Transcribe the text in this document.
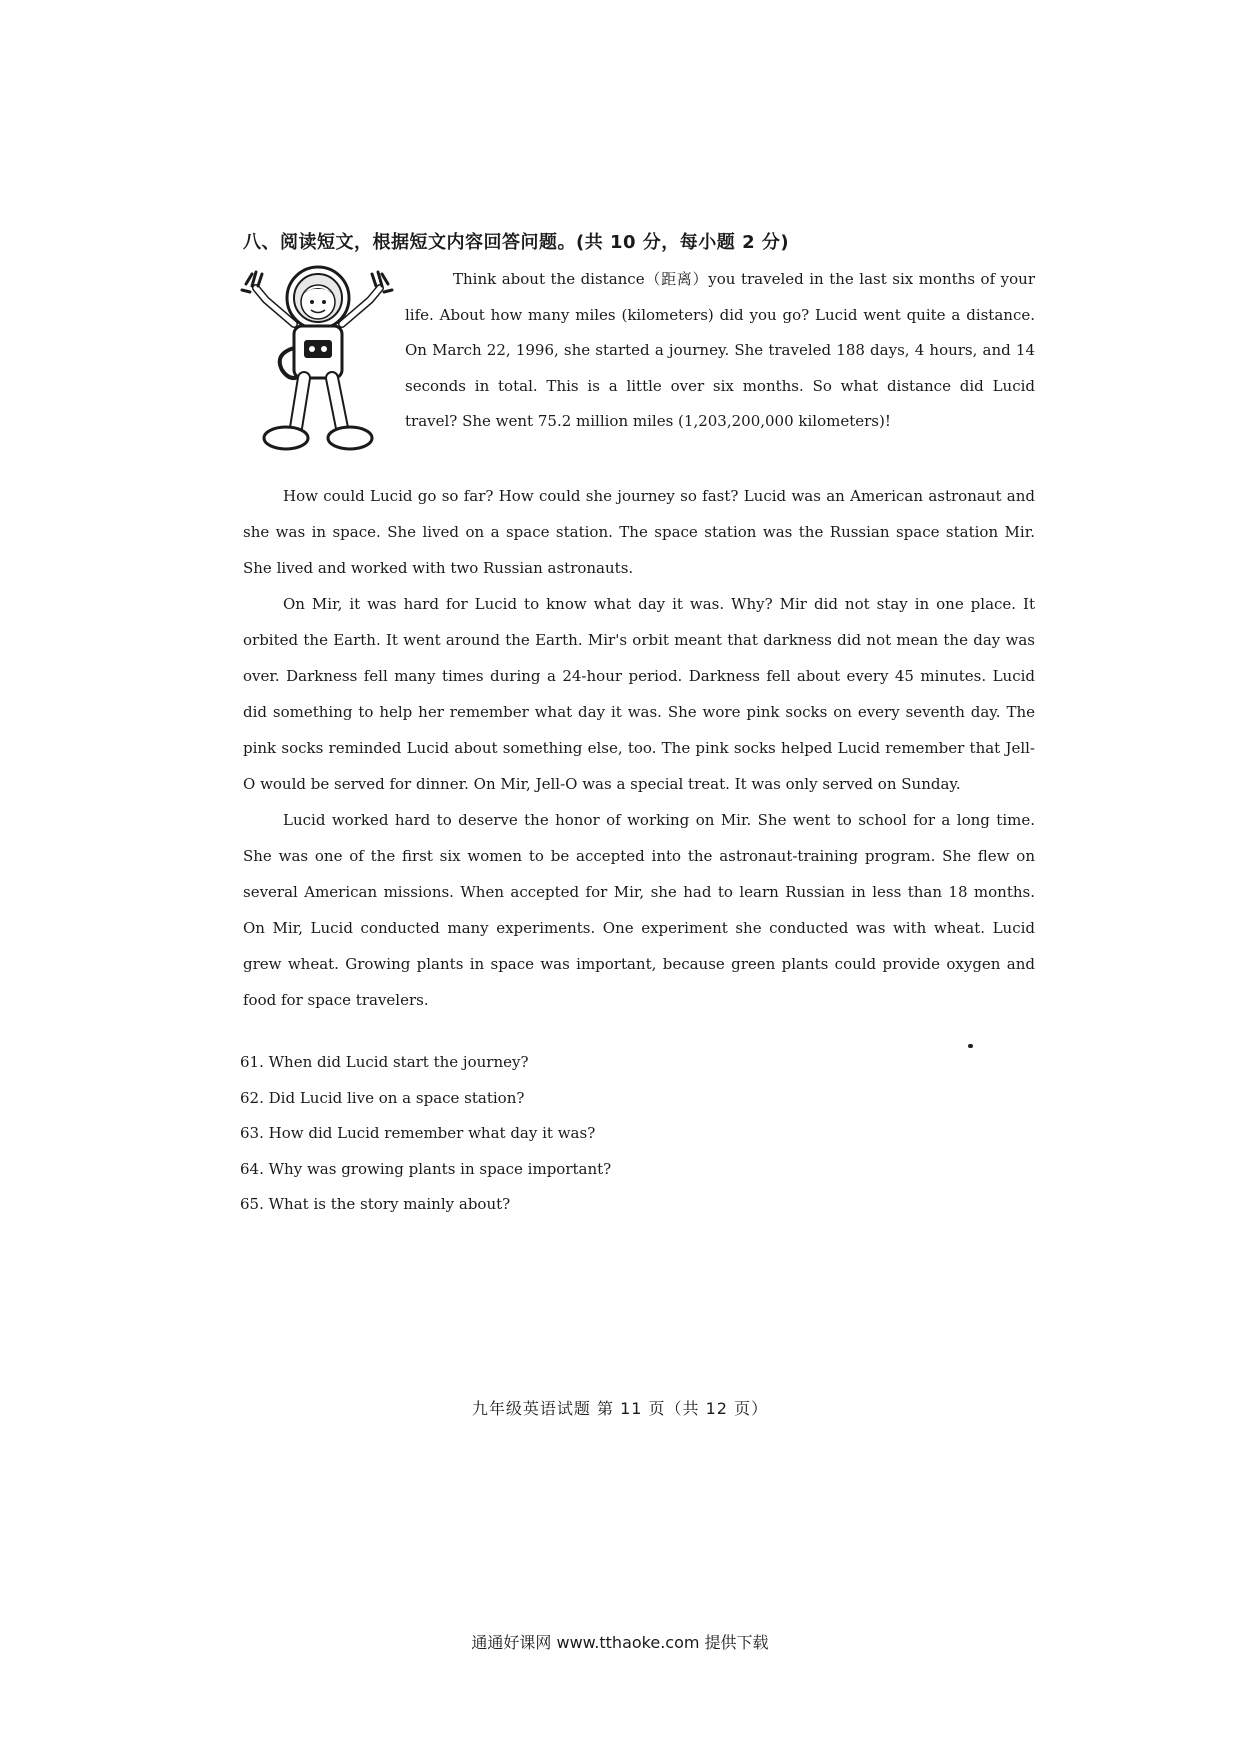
八、阅读短文，根据短文内容回答问题。(共 10 分，每小题 2 分)

Think about the distance（距离）you traveled in the last six months of your life. About how many miles (kilometers) did you go? Lucid went quite a distance. On March 22, 1996, she started a journey. She traveled 188 days, 4 hours, and 14 seconds in total. This is a little over six months. So what distance did Lucid travel? She went 75.2 million miles (1,203,200,000 kilometers)!

How could Lucid go so far? How could she journey so fast? Lucid was an American astronaut and she was in space. She lived on a space station. The space station was the Russian space station Mir. She lived and worked with two Russian astronauts.

On Mir, it was hard for Lucid to know what day it was. Why? Mir did not stay in one place. It orbited the Earth. It went around the Earth. Mir's orbit meant that darkness did not mean the day was over. Darkness fell many times during a 24-hour period. Darkness fell about every 45 minutes. Lucid did something to help her remember what day it was. She wore pink socks on every seventh day. The pink socks reminded Lucid about something else, too. The pink socks helped Lucid remember that Jell-O would be served for dinner. On Mir, Jell-O was a special treat. It was only served on Sunday.

Lucid worked hard to deserve the honor of working on Mir. She went to school for a long time. She was one of the first six women to be accepted into the astronaut-training program. She flew on several American missions. When accepted for Mir, she had to learn Russian in less than 18 months. On Mir, Lucid conducted many experiments. One experiment she conducted was with wheat. Lucid grew wheat. Growing plants in space was important, because green plants could provide oxygen and food for space travelers.

61. When did Lucid start the journey?
62. Did Lucid live on a space station?
63. How did Lucid remember what day it was?
64. Why was growing plants in space important?
65. What is the story mainly about?
九年级英语试题 第 11 页（共 12 页）
通通好课网 www.tthaoke.com 提供下载
